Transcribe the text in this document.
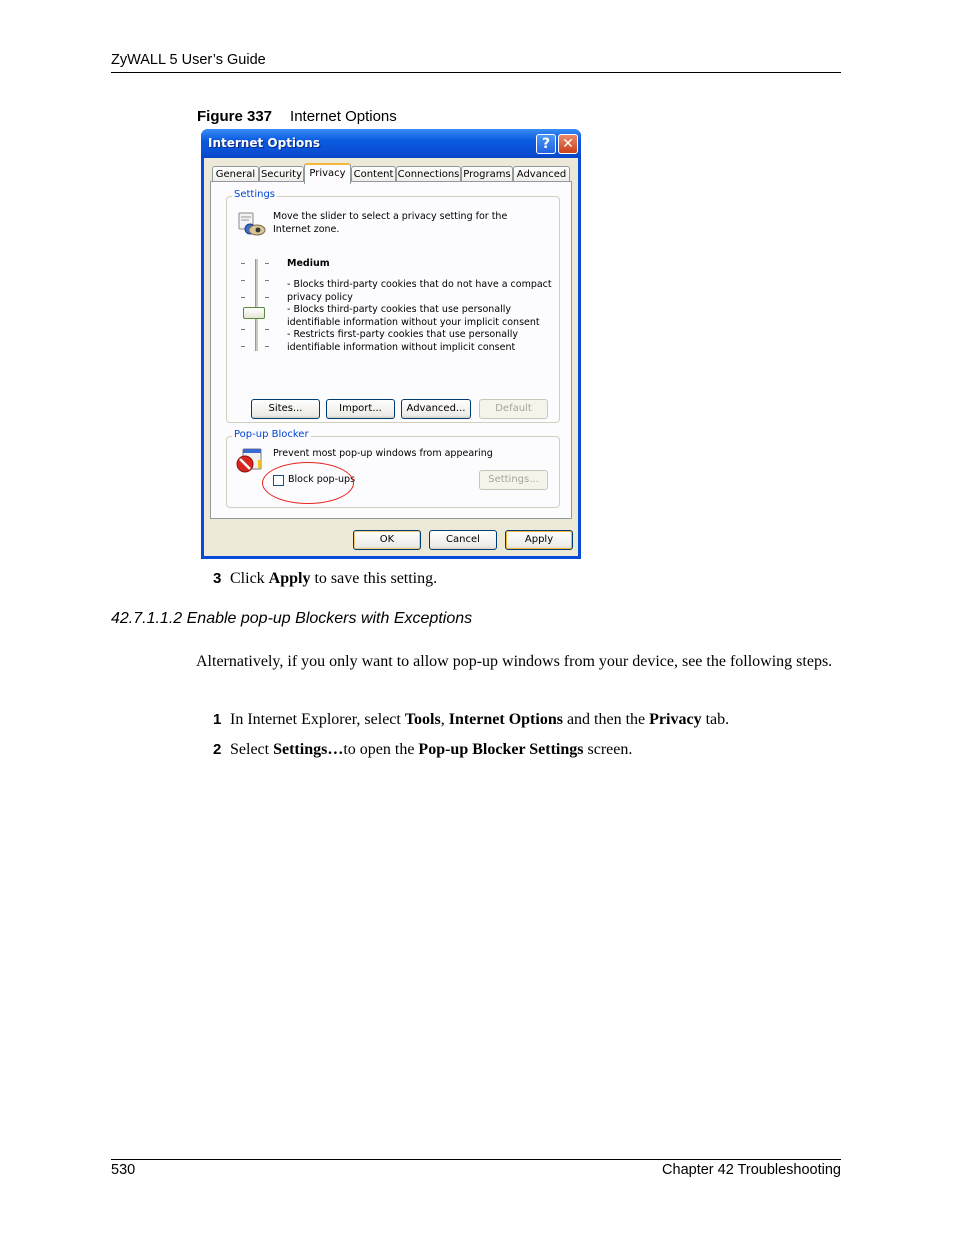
ZyWALL 5 User’s Guide
Figure 337 Internet Options
Internet Options	? ✕
General Security Privacy Content Connections Programs Advanced
Settings
Move the slider to select a privacy setting for the Internet zone.
Medium
- Blocks third-party cookies that do not have a compact privacy policy
- Blocks third-party cookies that use personally identifiable information without your implicit consent
- Restricts first-party cookies that use personally identifiable information without implicit consent
Sites...	Import...	Advanced...	Default
Pop-up Blocker
Prevent most pop-up windows from appearing
Block pop-ups	Settings...
OK	Cancel	Apply
3 Click Apply to save this setting.
42.7.1.1.2 Enable pop-up Blockers with Exceptions
Alternatively, if you only want to allow pop-up windows from your device, see the following steps.
1 In Internet Explorer, select Tools, Internet Options and then the Privacy tab.
2 Select Settings…to open the Pop-up Blocker Settings screen.
530	Chapter 42 Troubleshooting
